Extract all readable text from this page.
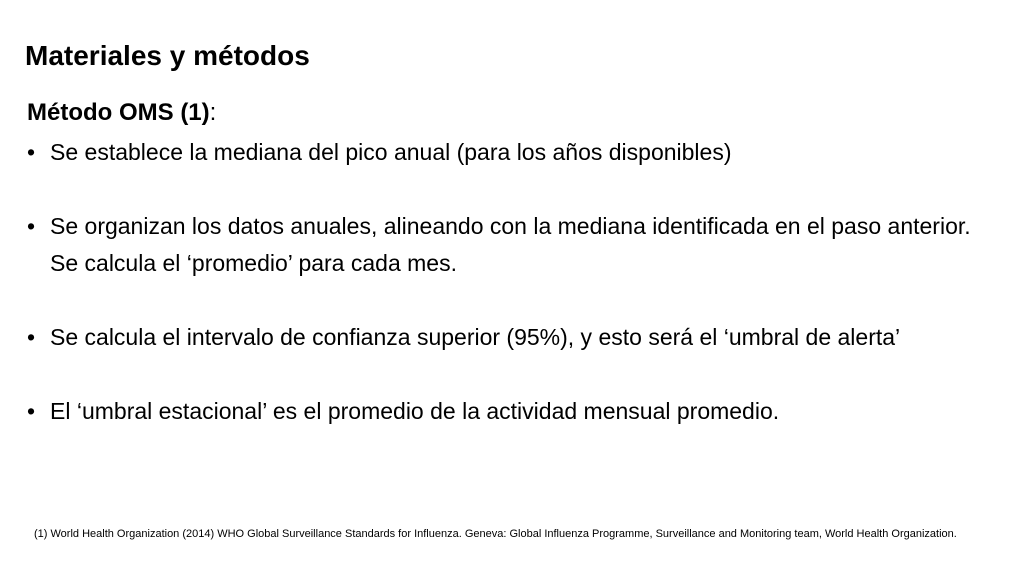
Materiales y métodos
Método OMS (1):
• Se establece la mediana del pico anual (para los años disponibles)
• Se organizan los datos anuales, alineando con la mediana identificada en el paso anterior. Se calcula el ‘promedio’ para cada mes.
• Se calcula el intervalo de confianza superior (95%), y esto será el ‘umbral de alerta’
• El ‘umbral estacional’ es el promedio de la actividad mensual promedio.
(1) World Health Organization (2014) WHO Global Surveillance Standards for Influenza. Geneva: Global Influenza Programme, Surveillance and Monitoring team, World Health Organization.
